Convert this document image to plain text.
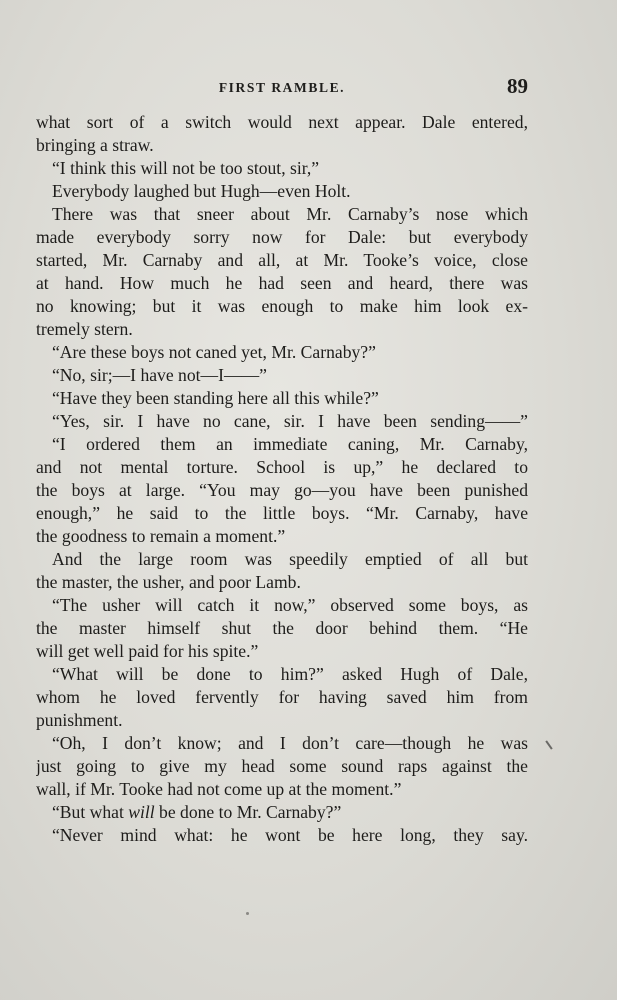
FIRST RAMBLE.	89
what sort of a switch would next appear. Dale entered,
bringing a straw.
“I think this will not be too stout, sir,”
Everybody laughed but Hugh—even Holt.
There was that sneer about Mr. Carnaby’s nose which
made everybody sorry now for Dale: but everybody
started, Mr. Carnaby and all, at Mr. Tooke’s voice, close
at hand. How much he had seen and heard, there was
no knowing; but it was enough to make him look ex-
tremely stern.
“Are these boys not caned yet, Mr. Carnaby?”
“No, sir;—I have not—I——”
“Have they been standing here all this while?”
“Yes, sir. I have no cane, sir. I have been sending——”
“I ordered them an immediate caning, Mr. Carnaby,
and not mental torture. School is up,” he declared to
the boys at large. “You may go—you have been punished
enough,” he said to the little boys. “Mr. Carnaby, have
the goodness to remain a moment.”
And the large room was speedily emptied of all but
the master, the usher, and poor Lamb.
“The usher will catch it now,” observed some boys, as
the master himself shut the door behind them. “He
will get well paid for his spite.”
“What will be done to him?” asked Hugh of Dale,
whom he loved fervently for having saved him from
punishment.
“Oh, I don’t know; and I don’t care—though he was
just going to give my head some sound raps against the
wall, if Mr. Tooke had not come up at the moment.”
“But what will be done to Mr. Carnaby?”
“Never mind what: he wont be here long, they say.
